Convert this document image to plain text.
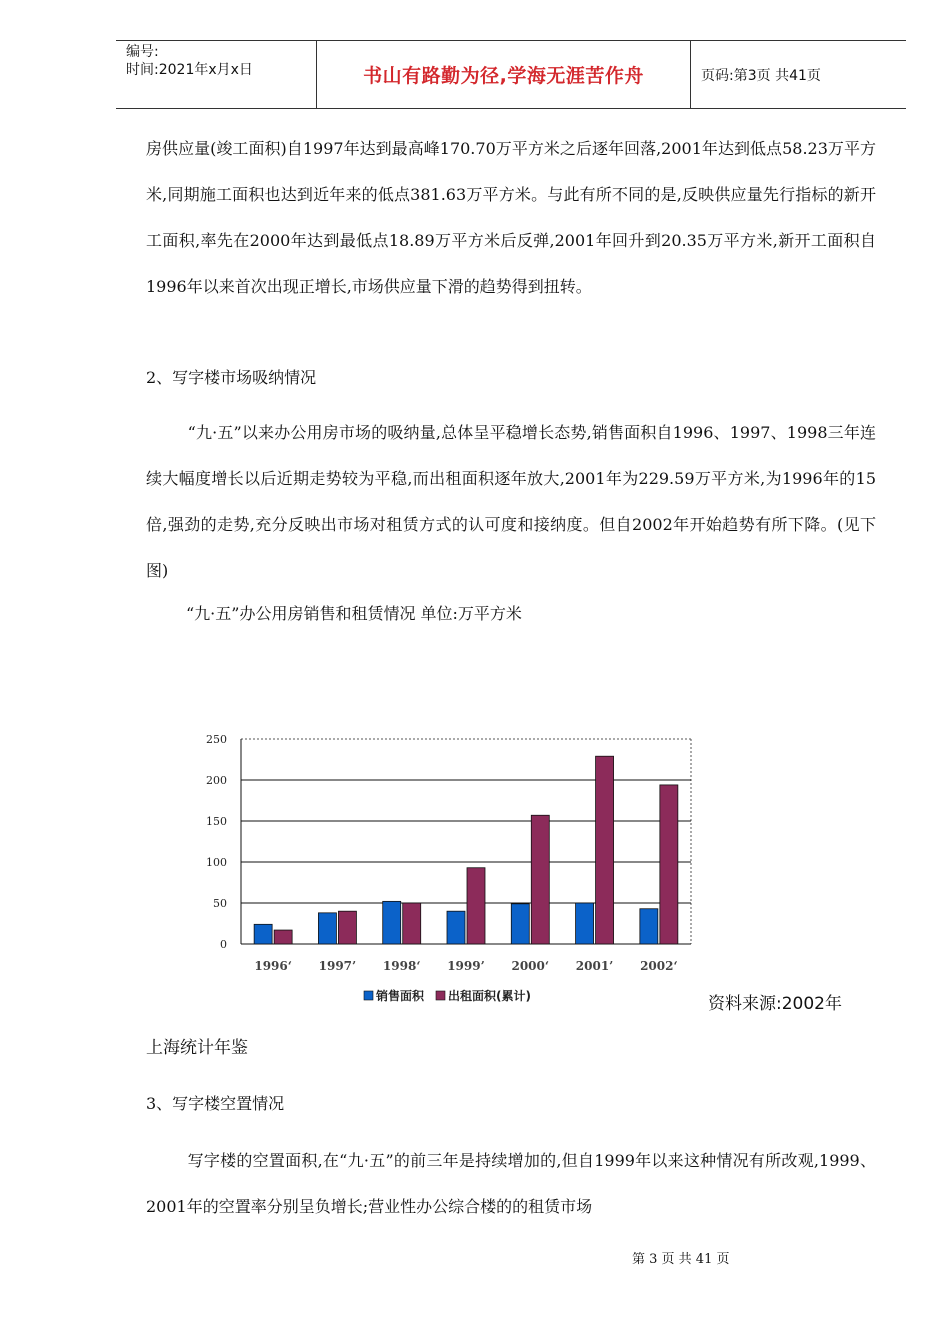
编号:
时间:2021年x月x日	书山有路勤为径,学海无涯苦作舟	页码:第3页 共41页

房供应量(竣工面积)自1997年达到最高峰170.70万平方米之后逐年回落,2001年达到低点58.23万平方米,同期施工面积也达到近年来的低点381.63万平方米。与此有所不同的是,反映供应量先行指标的新开工面积,率先在2000年达到最低点18.89万平方米后反弹,2001年回升到20.35万平方米,新开工面积自1996年以来首次出现正增长,市场供应量下滑的趋势得到扭转。

2、写字楼市场吸纳情况

“九·五”以来办公用房市场的吸纳量,总体呈平稳增长态势,销售面积自1996、1997、1998三年连续大幅度增长以后近期走势较为平稳,而出租面积逐年放大,2001年为229.59万平方米,为1996年的15倍,强劲的走势,充分反映出市场对租赁方式的认可度和接纳度。但自2002年开始趋势有所下降。(见下图)

“九·五”办公用房销售和租赁情况 单位:万平方米

0
50
100
150
200
250
1996‘ 1997’ 1998‘ 1999’ 2000‘ 2001’ 2002‘
销售面积 出租面积(累计)	资料来源:2002年
上海统计年鉴

3、写字楼空置情况

写字楼的空置面积,在“九·五”的前三年是持续增加的,但自1999年以来这种情况有所改观,1999、2001年的空置率分别呈负增长;营业性办公综合楼的的租赁市场

第 3 页 共 41 页
